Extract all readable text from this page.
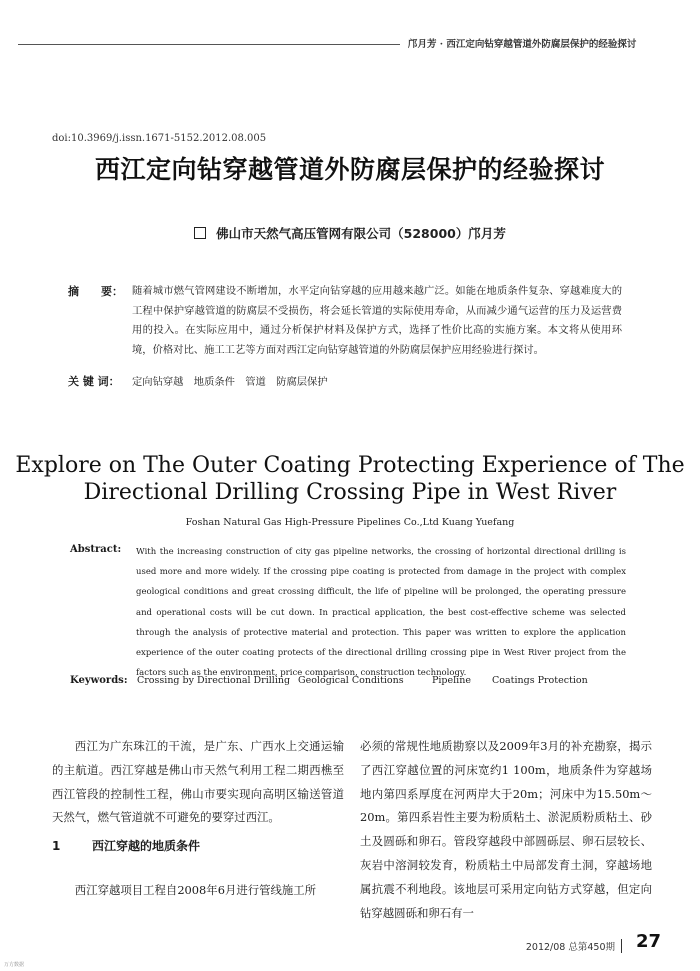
邝月芳 · 西江定向钻穿越管道外防腐层保护的经验探讨
doi:10.3969/j.issn.1671-5152.2012.08.005
西江定向钻穿越管道外防腐层保护的经验探讨
佛山市天然气高压管网有限公司（528000）邝月芳
摘　　要： 随着城市燃气管网建设不断增加，水平定向钻穿越的应用越来越广泛。如能在地质条件复杂、穿越难度大的工程中保护穿越管道的防腐层不受损伤，将会延长管道的实际使用寿命，从而减少通气运营的压力及运营费用的投入。在实际应用中，通过分析保护材料及保护方式，选择了性价比高的实施方案。本文将从使用环境，价格对比、施工工艺等方面对西江定向钻穿越管道的外防腐层保护应用经验进行探讨。
关 键 词： 定向钻穿越　地质条件　管道　防腐层保护
Explore on The Outer Coating Protecting Experience of The
Directional Drilling Crossing Pipe in West River
Foshan Natural Gas High-Pressure Pipelines Co.,Ltd Kuang Yuefang
Abstract: With the increasing construction of city gas pipeline networks, the crossing of horizontal directional drilling is used more and more widely. If the crossing pipe coating is protected from damage in the project with complex geological conditions and great crossing difficult, the life of pipeline will be prolonged, the operating pressure and operational costs will be cut down. In practical application, the best cost-effective scheme was selected through the analysis of protective material and protection. This paper was written to explore the application experience of the outer coating protects of the directional drilling crossing pipe in West River project from the factors such as the environment, price comparison, construction technology.
Keywords: Crossing by Directional Drilling Geological Conditions	Pipeline Coatings Protection

西江为广东珠江的干流，是广东、广西水上交通运输的主航道。西江穿越是佛山市天然气利用工程二期西樵至西江管段的控制性工程，佛山市要实现向高明区输送管道天然气，燃气管道就不可避免的要穿过西江。

1	西江穿越的地质条件

西江穿越项目工程自2008年6月进行管线施工所

必须的常规性地质勘察以及2009年3月的补充勘察，揭示了西江穿越位置的河床宽约1 100m，地质条件为穿越场地内第四系厚度在河两岸大于20m；河床中为15.50m～20m。第四系岩性主要为粉质粘土、淤泥质粉质粘土、砂土及圆砾和卵石。管段穿越段中部圆砾层、卵石层较长、灰岩中溶洞较发育，粉质粘土中局部发育土洞，穿越场地属抗震不利地段。该地层可采用定向钻方式穿越，但定向钻穿越圆砾和卵石有一

2012/08 总第450期	27
万方数据
